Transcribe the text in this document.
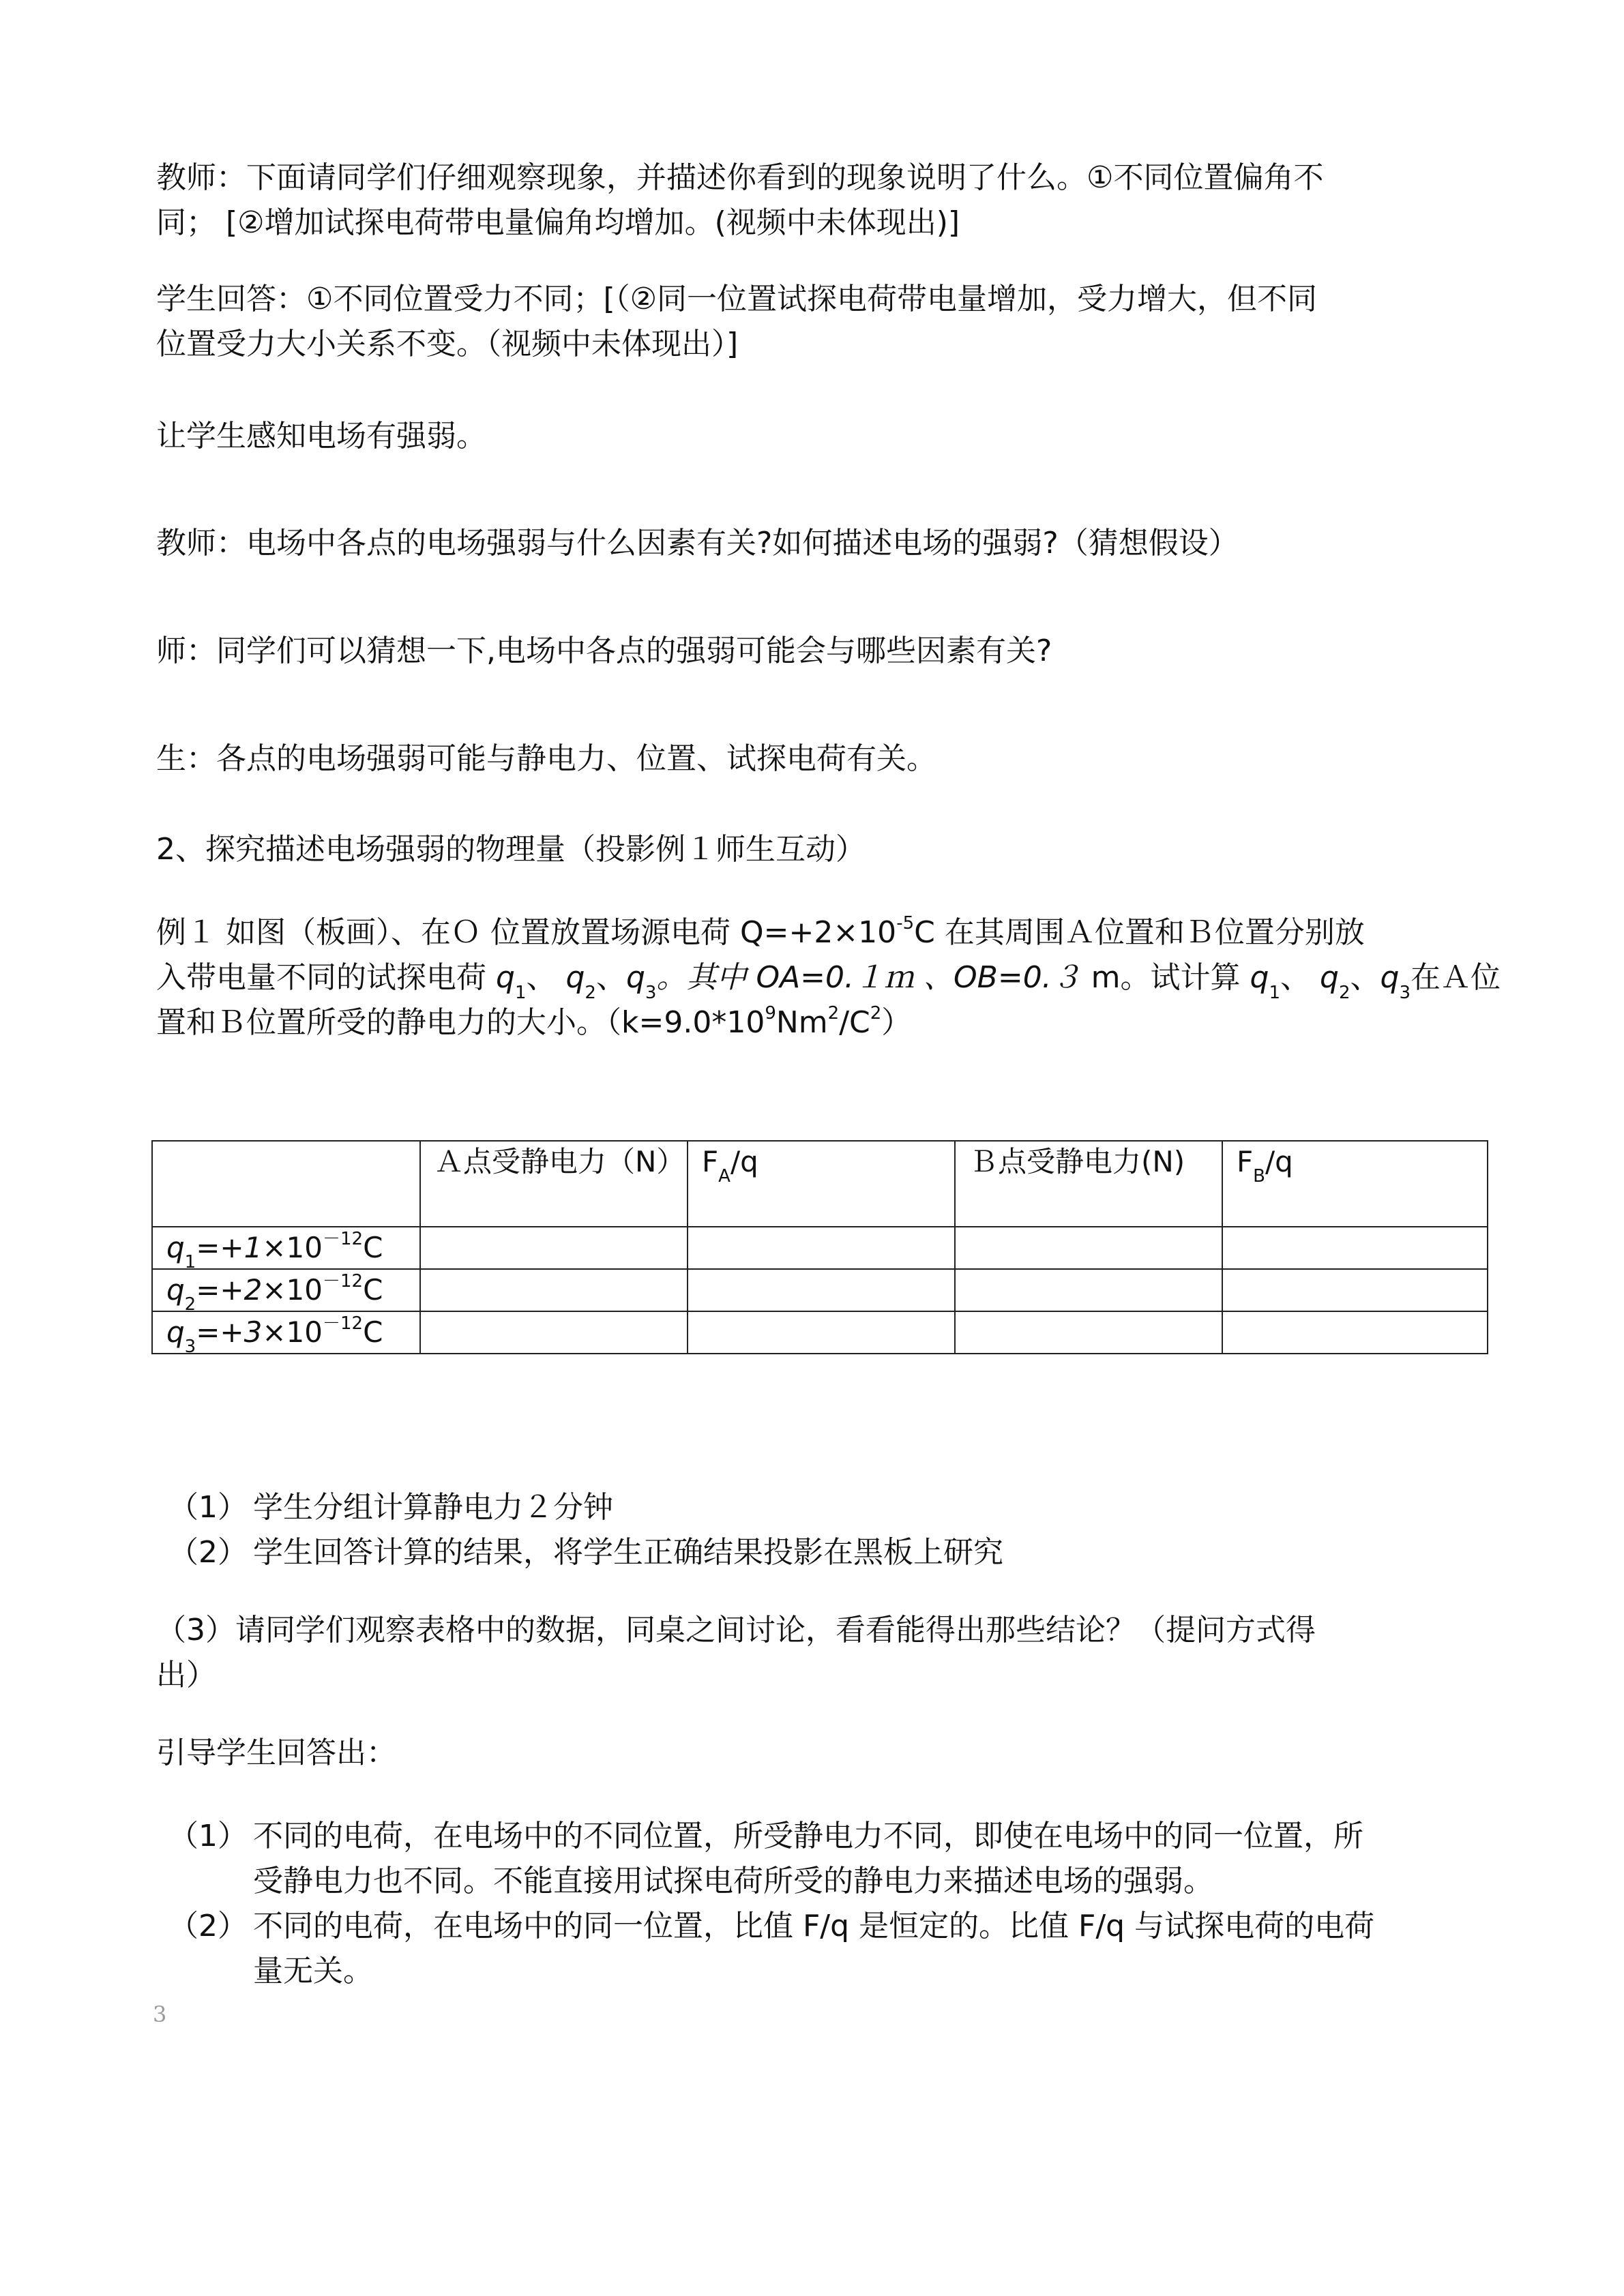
教师：下面请同学们仔细观察现象，并描述你看到的现象说明了什么。①不同位置偏角不
同； [②增加试探电荷带电量偏角均增加。(视频中未体现出)]
学生回答：①不同位置受力不同；[（②同一位置试探电荷带电量增加，受力增大，但不同
位置受力大小关系不变。（视频中未体现出）]
让学生感知电场有强弱。
教师：电场中各点的电场强弱与什么因素有关?如何描述电场的强弱?（猜想假设）
师：同学们可以猜想一下,电场中各点的强弱可能会与哪些因素有关?
生：各点的电场强弱可能与静电力、位置、试探电荷有关。
2、探究描述电场强弱的物理量（投影例１师生互动）
例１ 如图（板画）、在Ｏ 位置放置场源电荷 $Q=+2\times 10^{-5}C$ 在其周围Ａ位置和Ｂ位置分别放
入带电量不同的试探电荷 $q_1$、 $q_2$、$q_3$。其中 OA=0.１ｍ 、OB=0.３ m。试计算 $q_1$、 $q_2$、$q_3$在Ａ位
置和Ｂ位置所受的静电力的大小。$(k=9.0*10^9Nm^2/C^2)$
	Ａ点受静电力（N）	$F_A/q$	Ｂ点受静电力(N)	$F_B/q$
$q_1=+1\times 10^{-12}C$				
$q_2=+2\times 10^{-12}C$				
$q_3=+3\times 10^{-12}C$				
（1） 学生分组计算静电力２分钟
（2） 学生回答计算的结果，将学生正确结果投影在黑板上研究
（3）请同学们观察表格中的数据，同桌之间讨论，看看能得出那些结论？（提问方式得
出）
引导学生回答出：
（1） 不同的电荷，在电场中的不同位置，所受静电力不同，即使在电场中的同一位置，所
受静电力也不同。不能直接用试探电荷所受的静电力来描述电场的强弱。
（2） 不同的电荷，在电场中的同一位置，比值 F/q 是恒定的。比值 F/q 与试探电荷的电荷
量无关。
3
